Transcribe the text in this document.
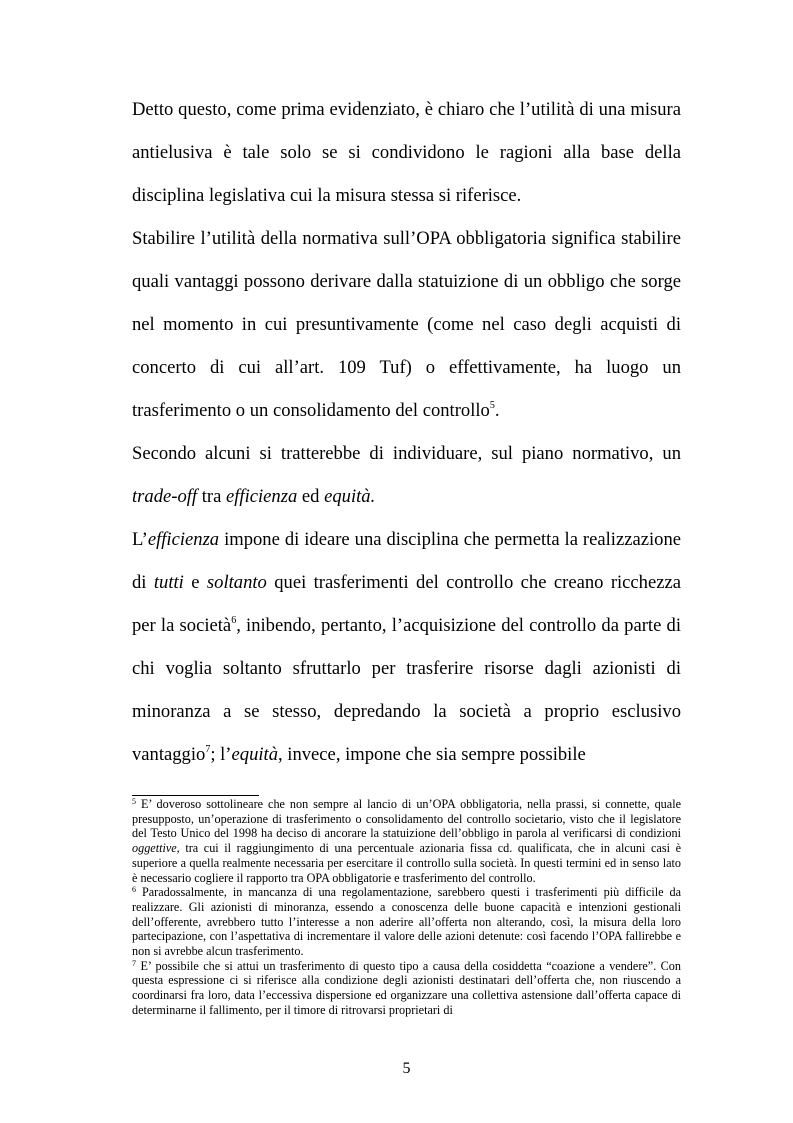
Detto questo, come prima evidenziato, è chiaro che l’utilità di una misura antielusiva è tale solo se si condividono le ragioni alla base della disciplina legislativa cui la misura stessa si riferisce.

Stabilire l’utilità della normativa sull’OPA obbligatoria significa stabilire quali vantaggi possono derivare dalla statuizione di un obbligo che sorge nel momento in cui presuntivamente (come nel caso degli acquisti di concerto di cui all’art. 109 Tuf) o effettivamente, ha luogo un trasferimento o un consolidamento del controllo$^5$.

Secondo alcuni si tratterebbe di individuare, sul piano normativo, un trade-off tra efficienza ed equità.

L’efficienza impone di ideare una disciplina che permetta la realizzazione di tutti e soltanto quei trasferimenti del controllo che creano ricchezza per la società$^6$, inibendo, pertanto, l’acquisizione del controllo da parte di chi voglia soltanto sfruttarlo per trasferire risorse dagli azionisti di minoranza a se stesso, depredando la società a proprio esclusivo vantaggio$^7$; l’equità, invece, impone che sia sempre possibile

$^5$ E’ doveroso sottolineare che non sempre al lancio di un’OPA obbligatoria, nella prassi, si connette, quale presupposto, un’operazione di trasferimento o consolidamento del controllo societario, visto che il legislatore del Testo Unico del 1998 ha deciso di ancorare la statuizione dell’obbligo in parola al verificarsi di condizioni oggettive, tra cui il raggiungimento di una percentuale azionaria fissa cd. qualificata, che in alcuni casi è superiore a quella realmente necessaria per esercitare il controllo sulla società. In questi termini ed in senso lato è necessario cogliere il rapporto tra OPA obbligatorie e trasferimento del controllo.

$^6$ Paradossalmente, in mancanza di una regolamentazione, sarebbero questi i trasferimenti più difficile da realizzare. Gli azionisti di minoranza, essendo a conoscenza delle buone capacità e intenzioni gestionali dell’offerente, avrebbero tutto l’interesse a non aderire all’offerta non alterando, così, la misura della loro partecipazione, con l’aspettativa di incrementare il valore delle azioni detenute: così facendo l’OPA fallirebbe e non si avrebbe alcun trasferimento.

$^7$ E’ possibile che si attui un trasferimento di questo tipo a causa della cosiddetta “coazione a vendere”. Con questa espressione ci si riferisce alla condizione degli azionisti destinatari dell’offerta che, non riuscendo a coordinarsi fra loro, data l’eccessiva dispersione ed organizzare una collettiva astensione dall’offerta capace di determinarne il fallimento, per il timore di ritrovarsi proprietari di

5
